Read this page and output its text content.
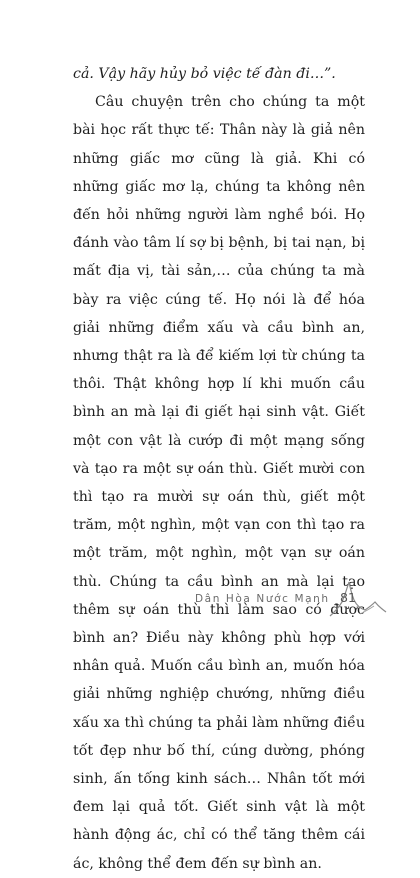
cả. Vậy hãy hủy bỏ việc tế đàn đi…”.

Câu chuyện trên cho chúng ta một bài học rất thực tế: Thân này là giả nên những giấc mơ cũng là giả. Khi có những giấc mơ lạ, chúng ta không nên đến hỏi những người làm nghề bói. Họ đánh vào tâm lí sợ bị bệnh, bị tai nạn, bị mất địa vị, tài sản,… của chúng ta mà bày ra việc cúng tế. Họ nói là để hóa giải những điểm xấu và cầu bình an, nhưng thật ra là để kiếm lợi từ chúng ta thôi. Thật không hợp lí khi muốn cầu bình an mà lại đi giết hại sinh vật. Giết một con vật là cướp đi một mạng sống và tạo ra một sự oán thù. Giết mười con thì tạo ra mười sự oán thù, giết một trăm, một nghìn, một vạn con thì tạo ra một trăm, một nghìn, một vạn sự oán thù. Chúng ta cầu bình an mà lại tạo thêm sự oán thù thì làm sao có được bình an? Điều này không phù hợp với nhân quả. Muốn cầu bình an, muốn hóa giải những nghiệp chướng, những điều xấu xa thì chúng ta phải làm những điều tốt đẹp như bố thí, cúng dường, phóng sinh, ấn tống kinh sách… Nhân tốt mới đem lại quả tốt. Giết sinh vật là một hành động ác, chỉ có thể tăng thêm cái ác, không thể đem đến sự bình an.

Dân Hòa Nước Mạnh 81
